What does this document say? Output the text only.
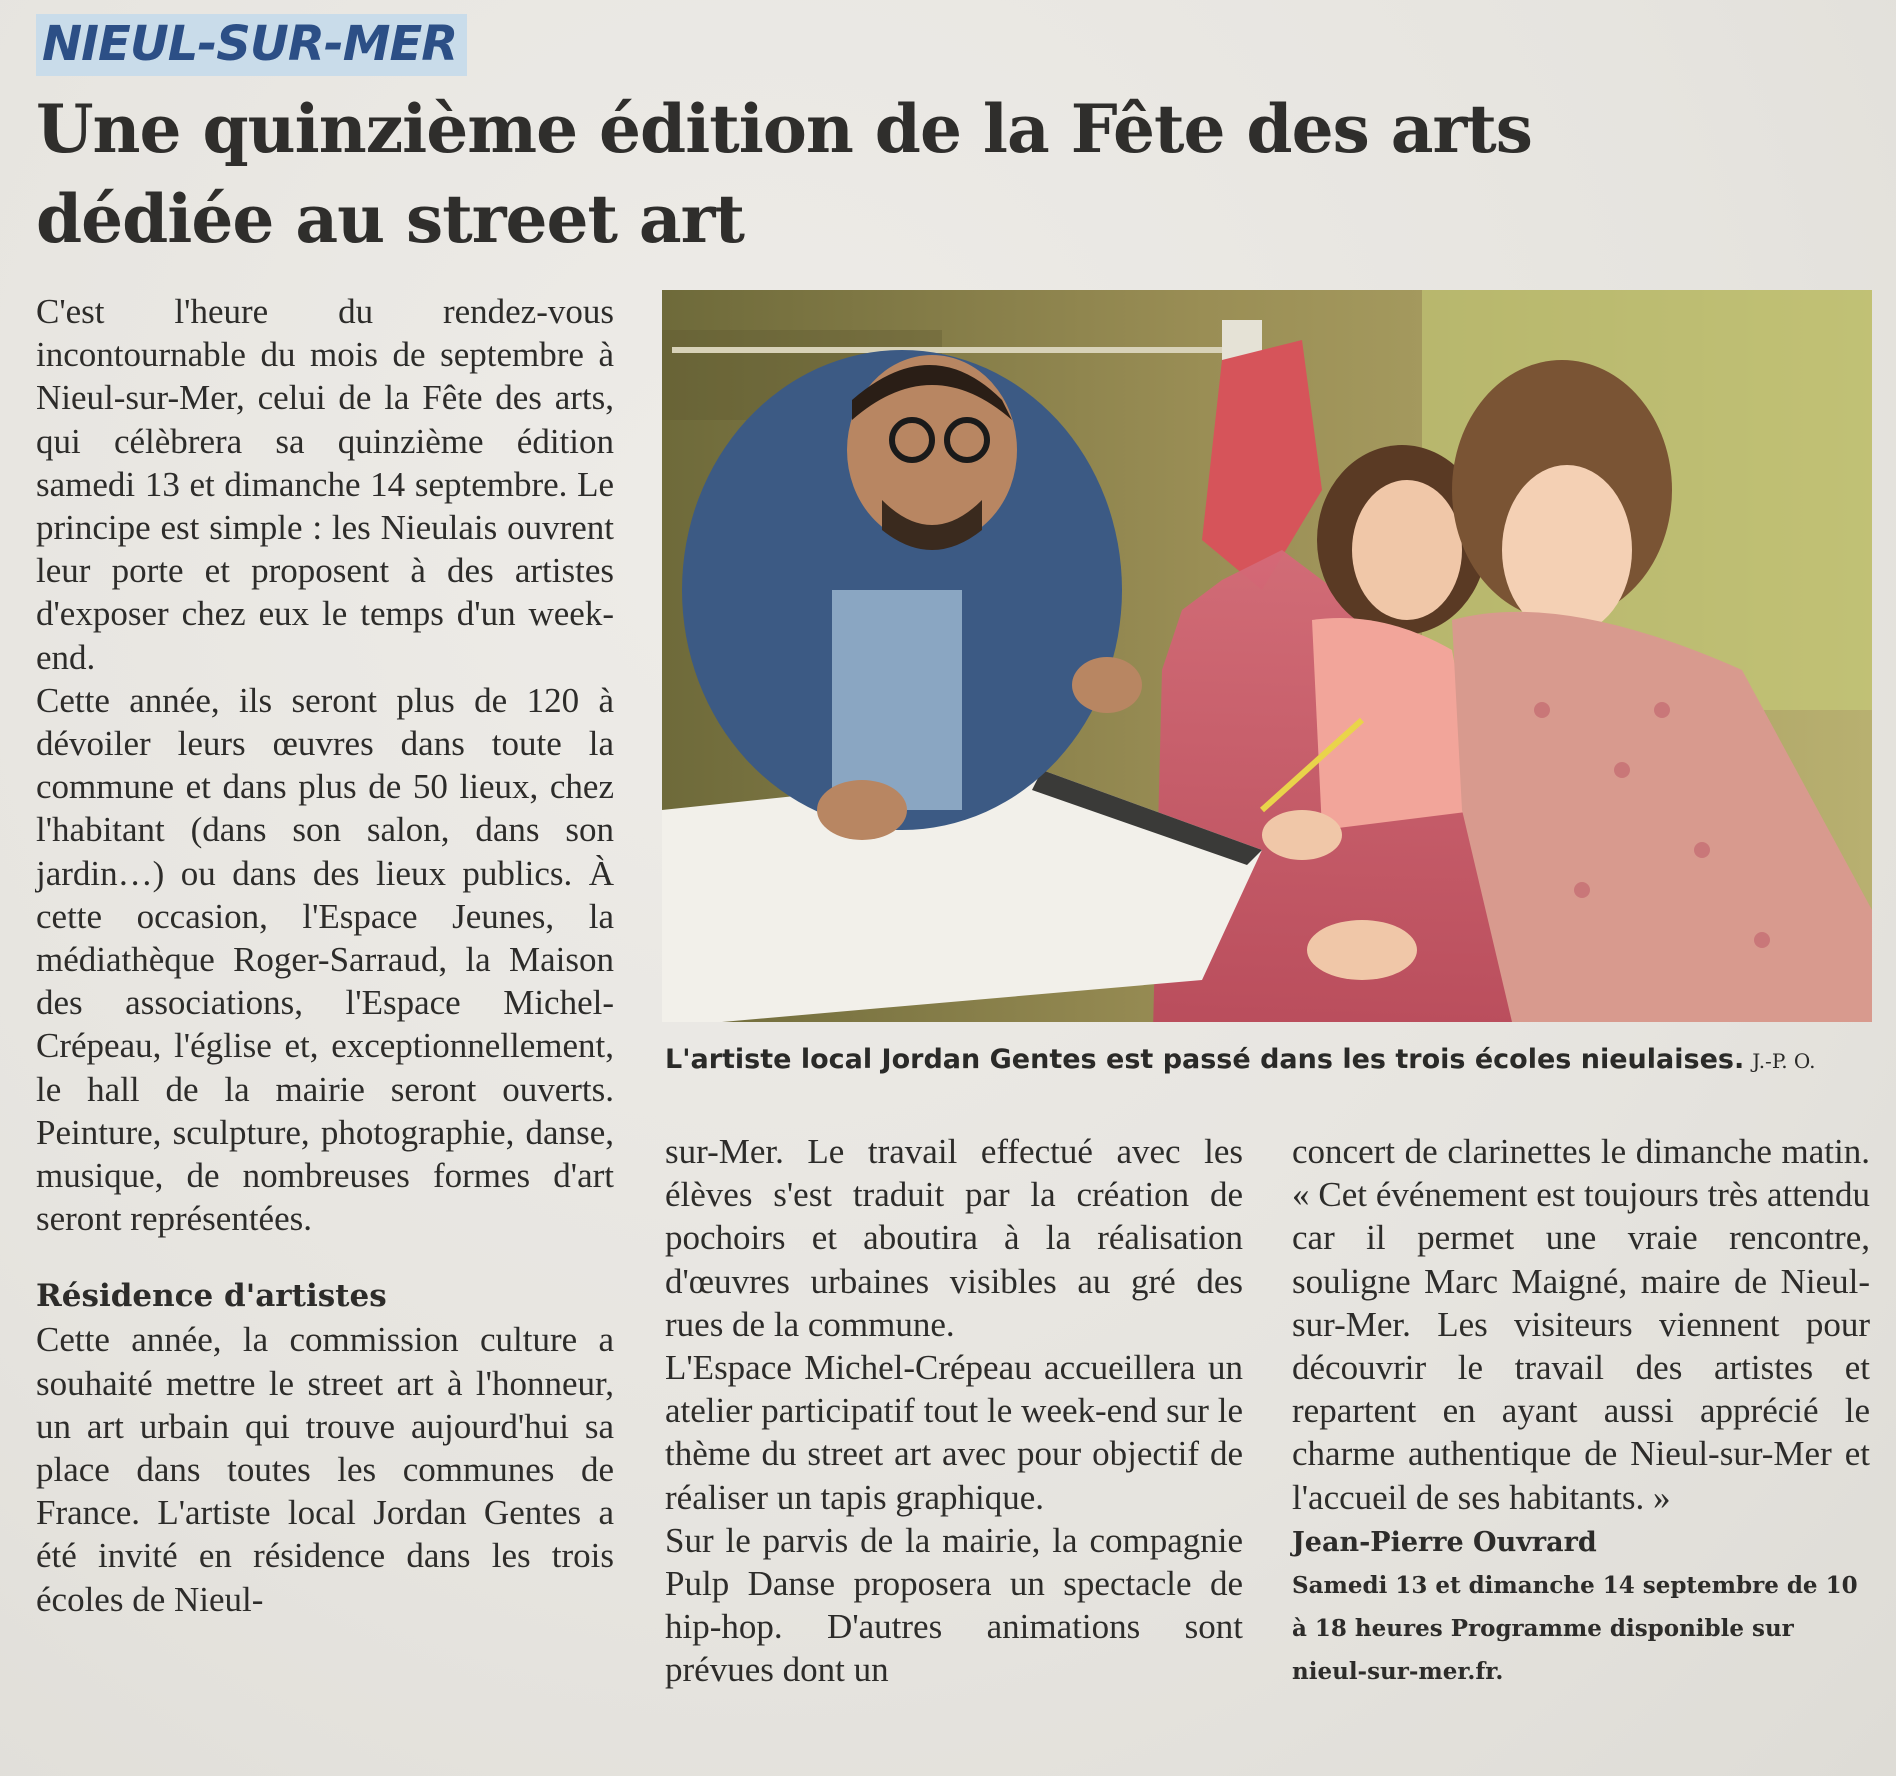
NIEUL-SUR-MER
Une quinzième édition de la Fête des arts
dédiée au street art

C'est l'heure du rendez-vous incontournable du mois de septembre à Nieul-sur-Mer, celui de la Fête des arts, qui célèbrera sa quinzième édition samedi 13 et dimanche 14 septembre. Le principe est simple : les Nieulais ouvrent leur porte et proposent à des artistes d'exposer chez eux le temps d'un week-end.

Cette année, ils seront plus de 120 à dévoiler leurs œuvres dans toute la commune et dans plus de 50 lieux, chez l'habitant (dans son salon, dans son jardin…) ou dans des lieux publics. À cette occasion, l'Espace Jeunes, la médiathèque Roger-Sarraud, la Maison des associations, l'Espace Michel-Crépeau, l'église et, exceptionnellement, le hall de la mairie seront ouverts. Peinture, sculpture, photographie, danse, musique, de nombreuses formes d'art seront représentées.

Résidence d'artistes

Cette année, la commission culture a souhaité mettre le street art à l'honneur, un art urbain qui trouve aujourd'hui sa place dans toutes les communes de France. L'artiste local Jordan Gentes a été invité en résidence dans les trois écoles de Nieul-

L'artiste local Jordan Gentes est passé dans les trois écoles nieulaises. J.-P. O.

sur-Mer. Le travail effectué avec les élèves s'est traduit par la création de pochoirs et aboutira à la réalisation d'œuvres urbaines visibles au gré des rues de la commune.

L'Espace Michel-Crépeau accueillera un atelier participatif tout le week-end sur le thème du street art avec pour objectif de réaliser un tapis graphique.

Sur le parvis de la mairie, la compagnie Pulp Danse proposera un spectacle de hip-hop. D'autres animations sont prévues dont un

concert de clarinettes le dimanche matin. « Cet événement est toujours très attendu car il permet une vraie rencontre, souligne Marc Maigné, maire de Nieul-sur-Mer. Les visiteurs viennent pour découvrir le travail des artistes et repartent en ayant aussi apprécié le charme authentique de Nieul-sur-Mer et l'accueil de ses habitants. »

Jean-Pierre Ouvrard

Samedi 13 et dimanche 14 septembre de 10 à 18 heures Programme disponible sur nieul-sur-mer.fr.
